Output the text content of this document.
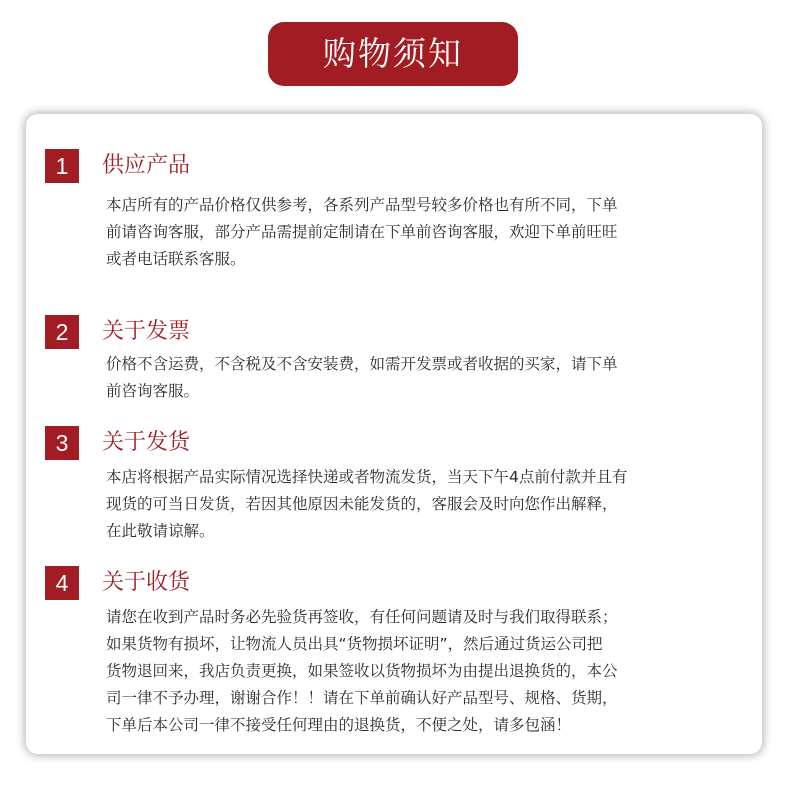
购物须知
1	供应产品

本店所有的产品价格仅供参考，各系列产品型号较多价格也有所不同，下单
前请咨询客服，部分产品需提前定制请在下单前咨询客服，欢迎下单前旺旺
或者电话联系客服。

2	关于发票

价格不含运费，不含税及不含安装费，如需开发票或者收据的买家，请下单
前咨询客服。

3	关于发货

本店将根据产品实际情况选择快递或者物流发货，当天下午4点前付款并且有
现货的可当日发货，若因其他原因未能发货的，客服会及时向您作出解释，
在此敬请谅解。

4	关于收货

请您在收到产品时务必先验货再签收，有任何问题请及时与我们取得联系；
如果货物有损坏，让物流人员出具“货物损坏证明”，然后通过货运公司把
货物退回来，我店负责更换，如果签收以货物损坏为由提出退换货的，本公
司一律不予办理，谢谢合作！！请在下单前确认好产品型号、规格、货期，
下单后本公司一律不接受任何理由的退换货，不便之处，请多包涵！
